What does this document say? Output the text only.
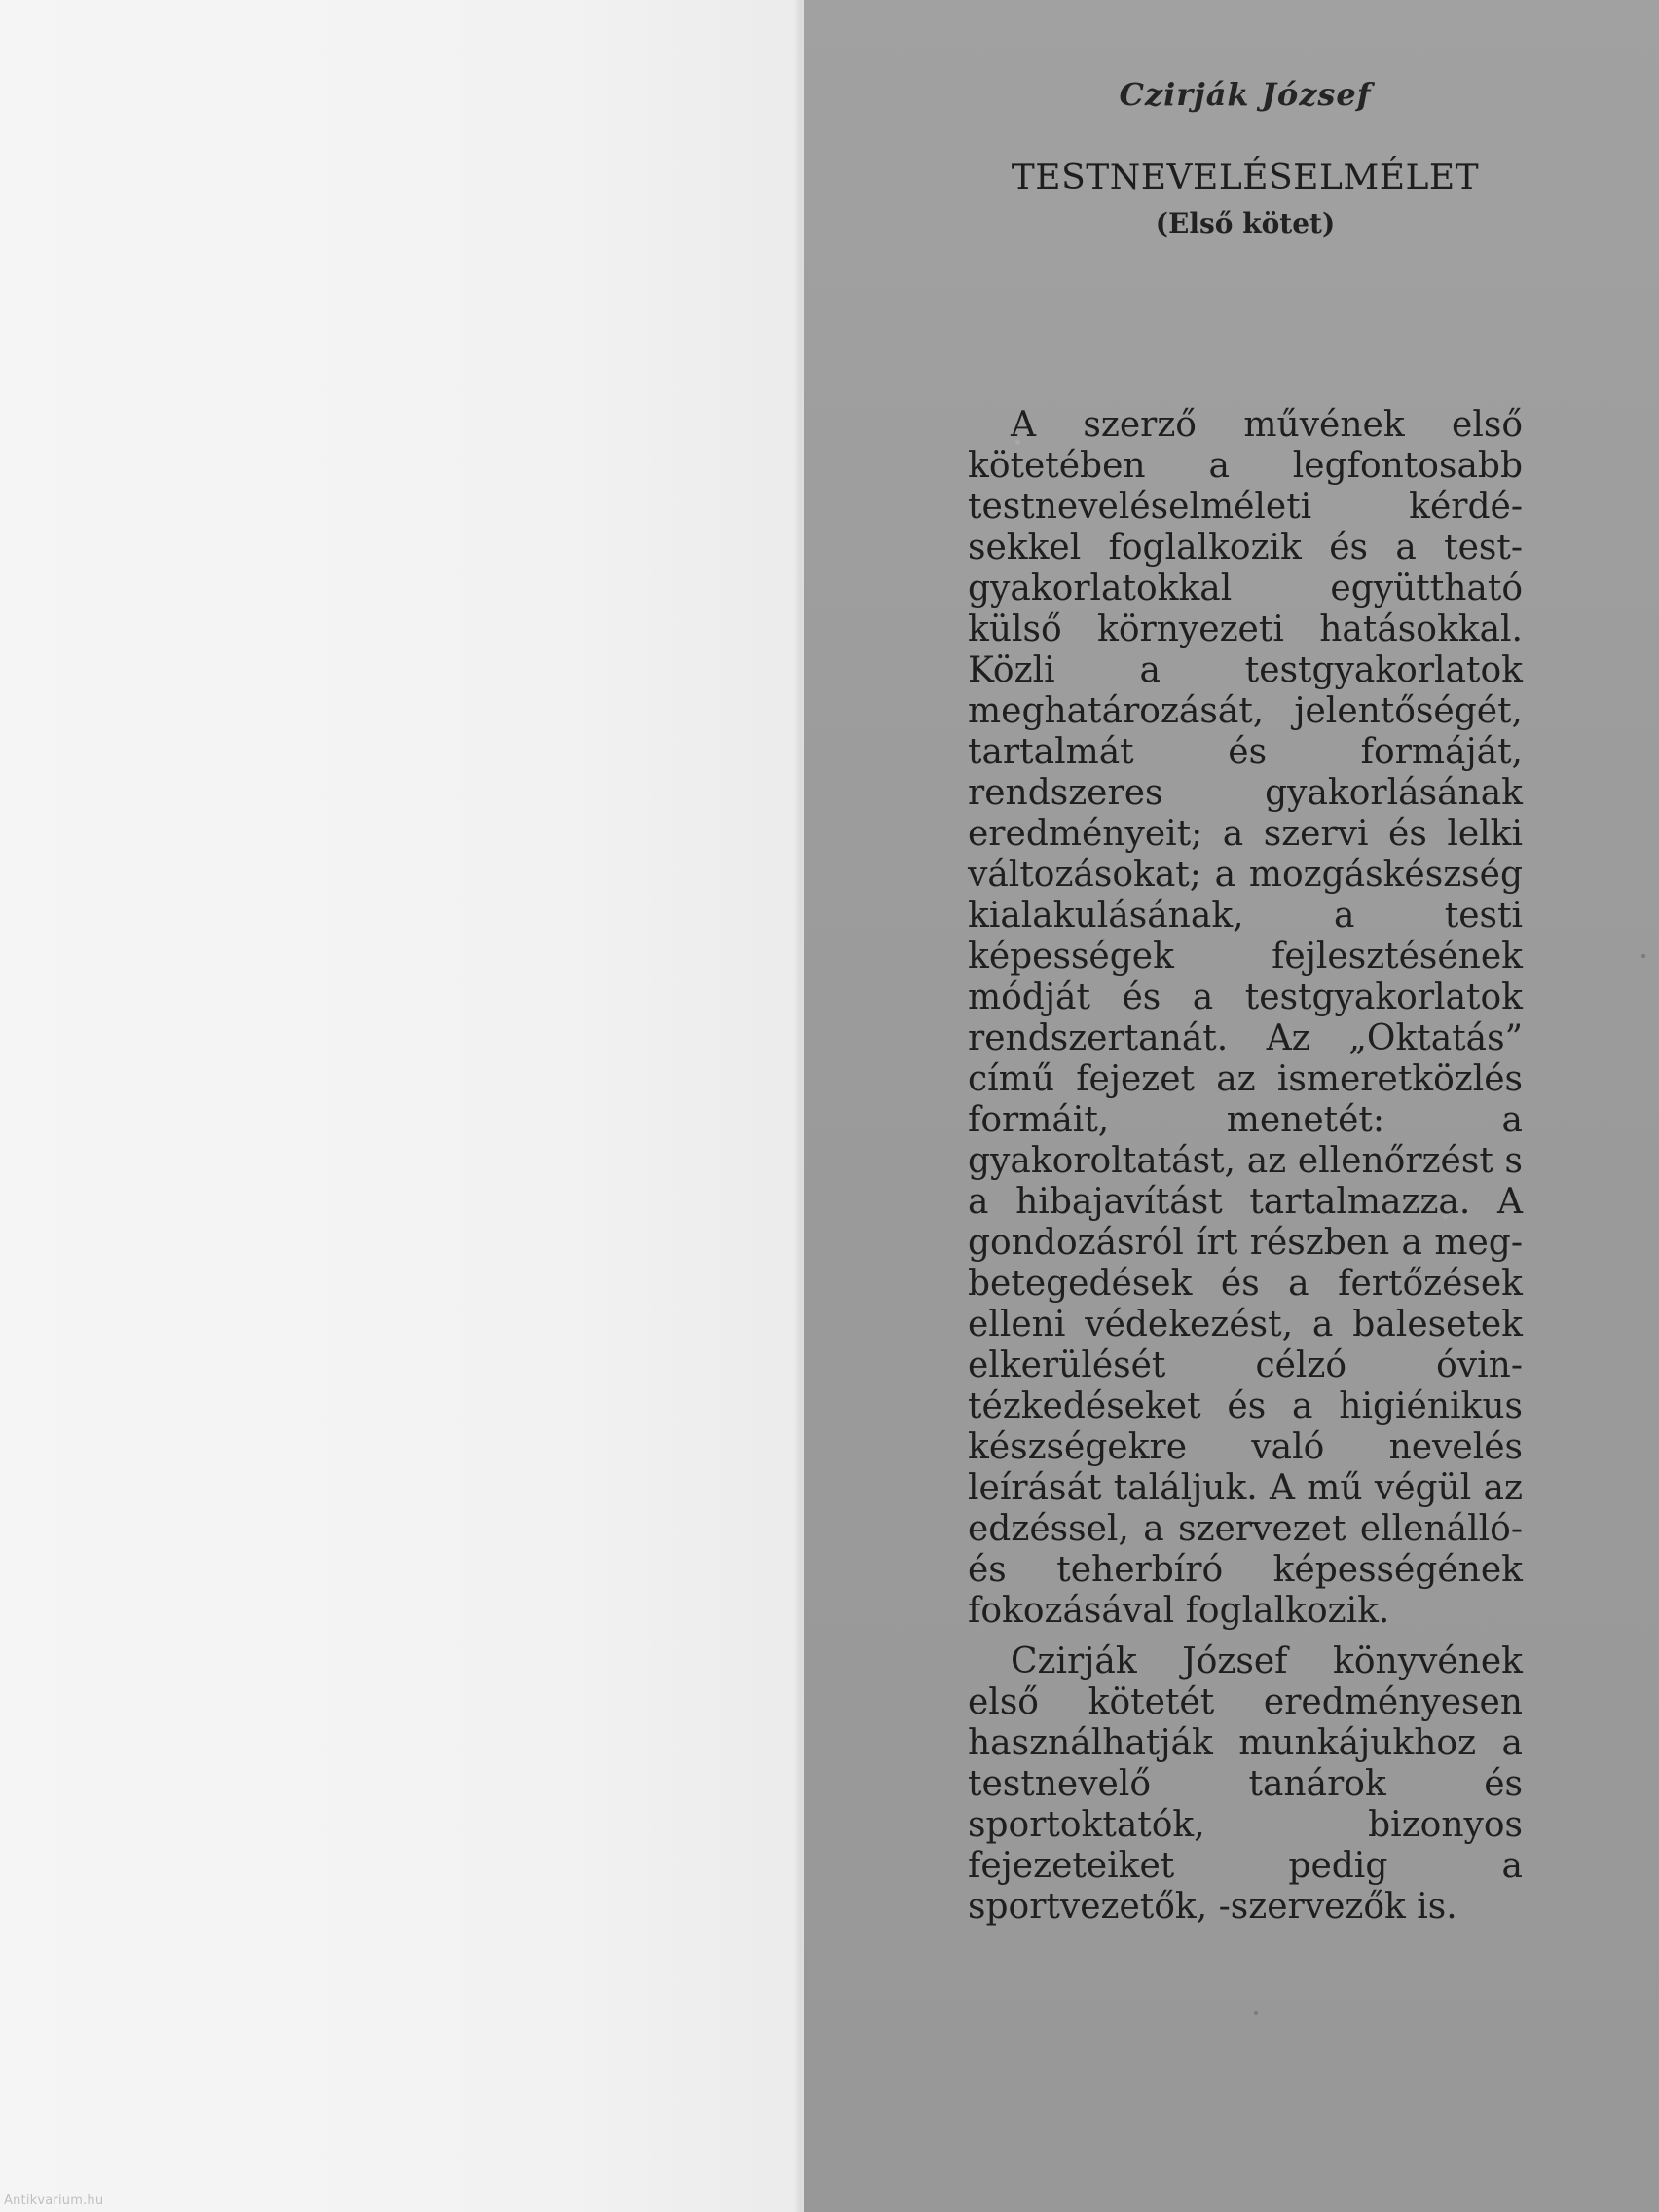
Antikvarium.hu
Czirják József
TESTNEVELÉSELMÉLET
(Első kötet)

A szerző művének első kötetében a legfontosabb testneveléselméleti kérdésekkel foglalkozik és a testgyakorlatokkal együttható külső környezeti hatásokkal. Közli a testgyakorlatok meghatározását, jelentőségét, tartalmát és formáját, rendszeres gyakorlásának eredményeit; a szervi és lelki változásokat; a mozgáskészség kialakulásának, a testi képességek fejlesztésének módját és a testgyakorlatok rendszertanát. Az „Oktatás” című fejezet az ismeretközlés formáit, menetét: a gyakoroltatást, az ellenőrzést s a hibajavítást tartalmazza. A gondozásról írt részben a megbetegedések és a fertőzések elleni védekezést, a balesetek elkerülését célzó óvintézkedéseket és a higiénikus készségekre való nevelés leírását találjuk. A mű végül az edzéssel, a szervezet ellenálló- és teherbíró képességének fokozásával foglalkozik.

Czirják József könyvének első kötetét eredményesen használhatják munkájukhoz a testnevelő tanárok és sportoktatók, bizonyos fejezeteiket pedig a sportvezetők, -szervezők is.
